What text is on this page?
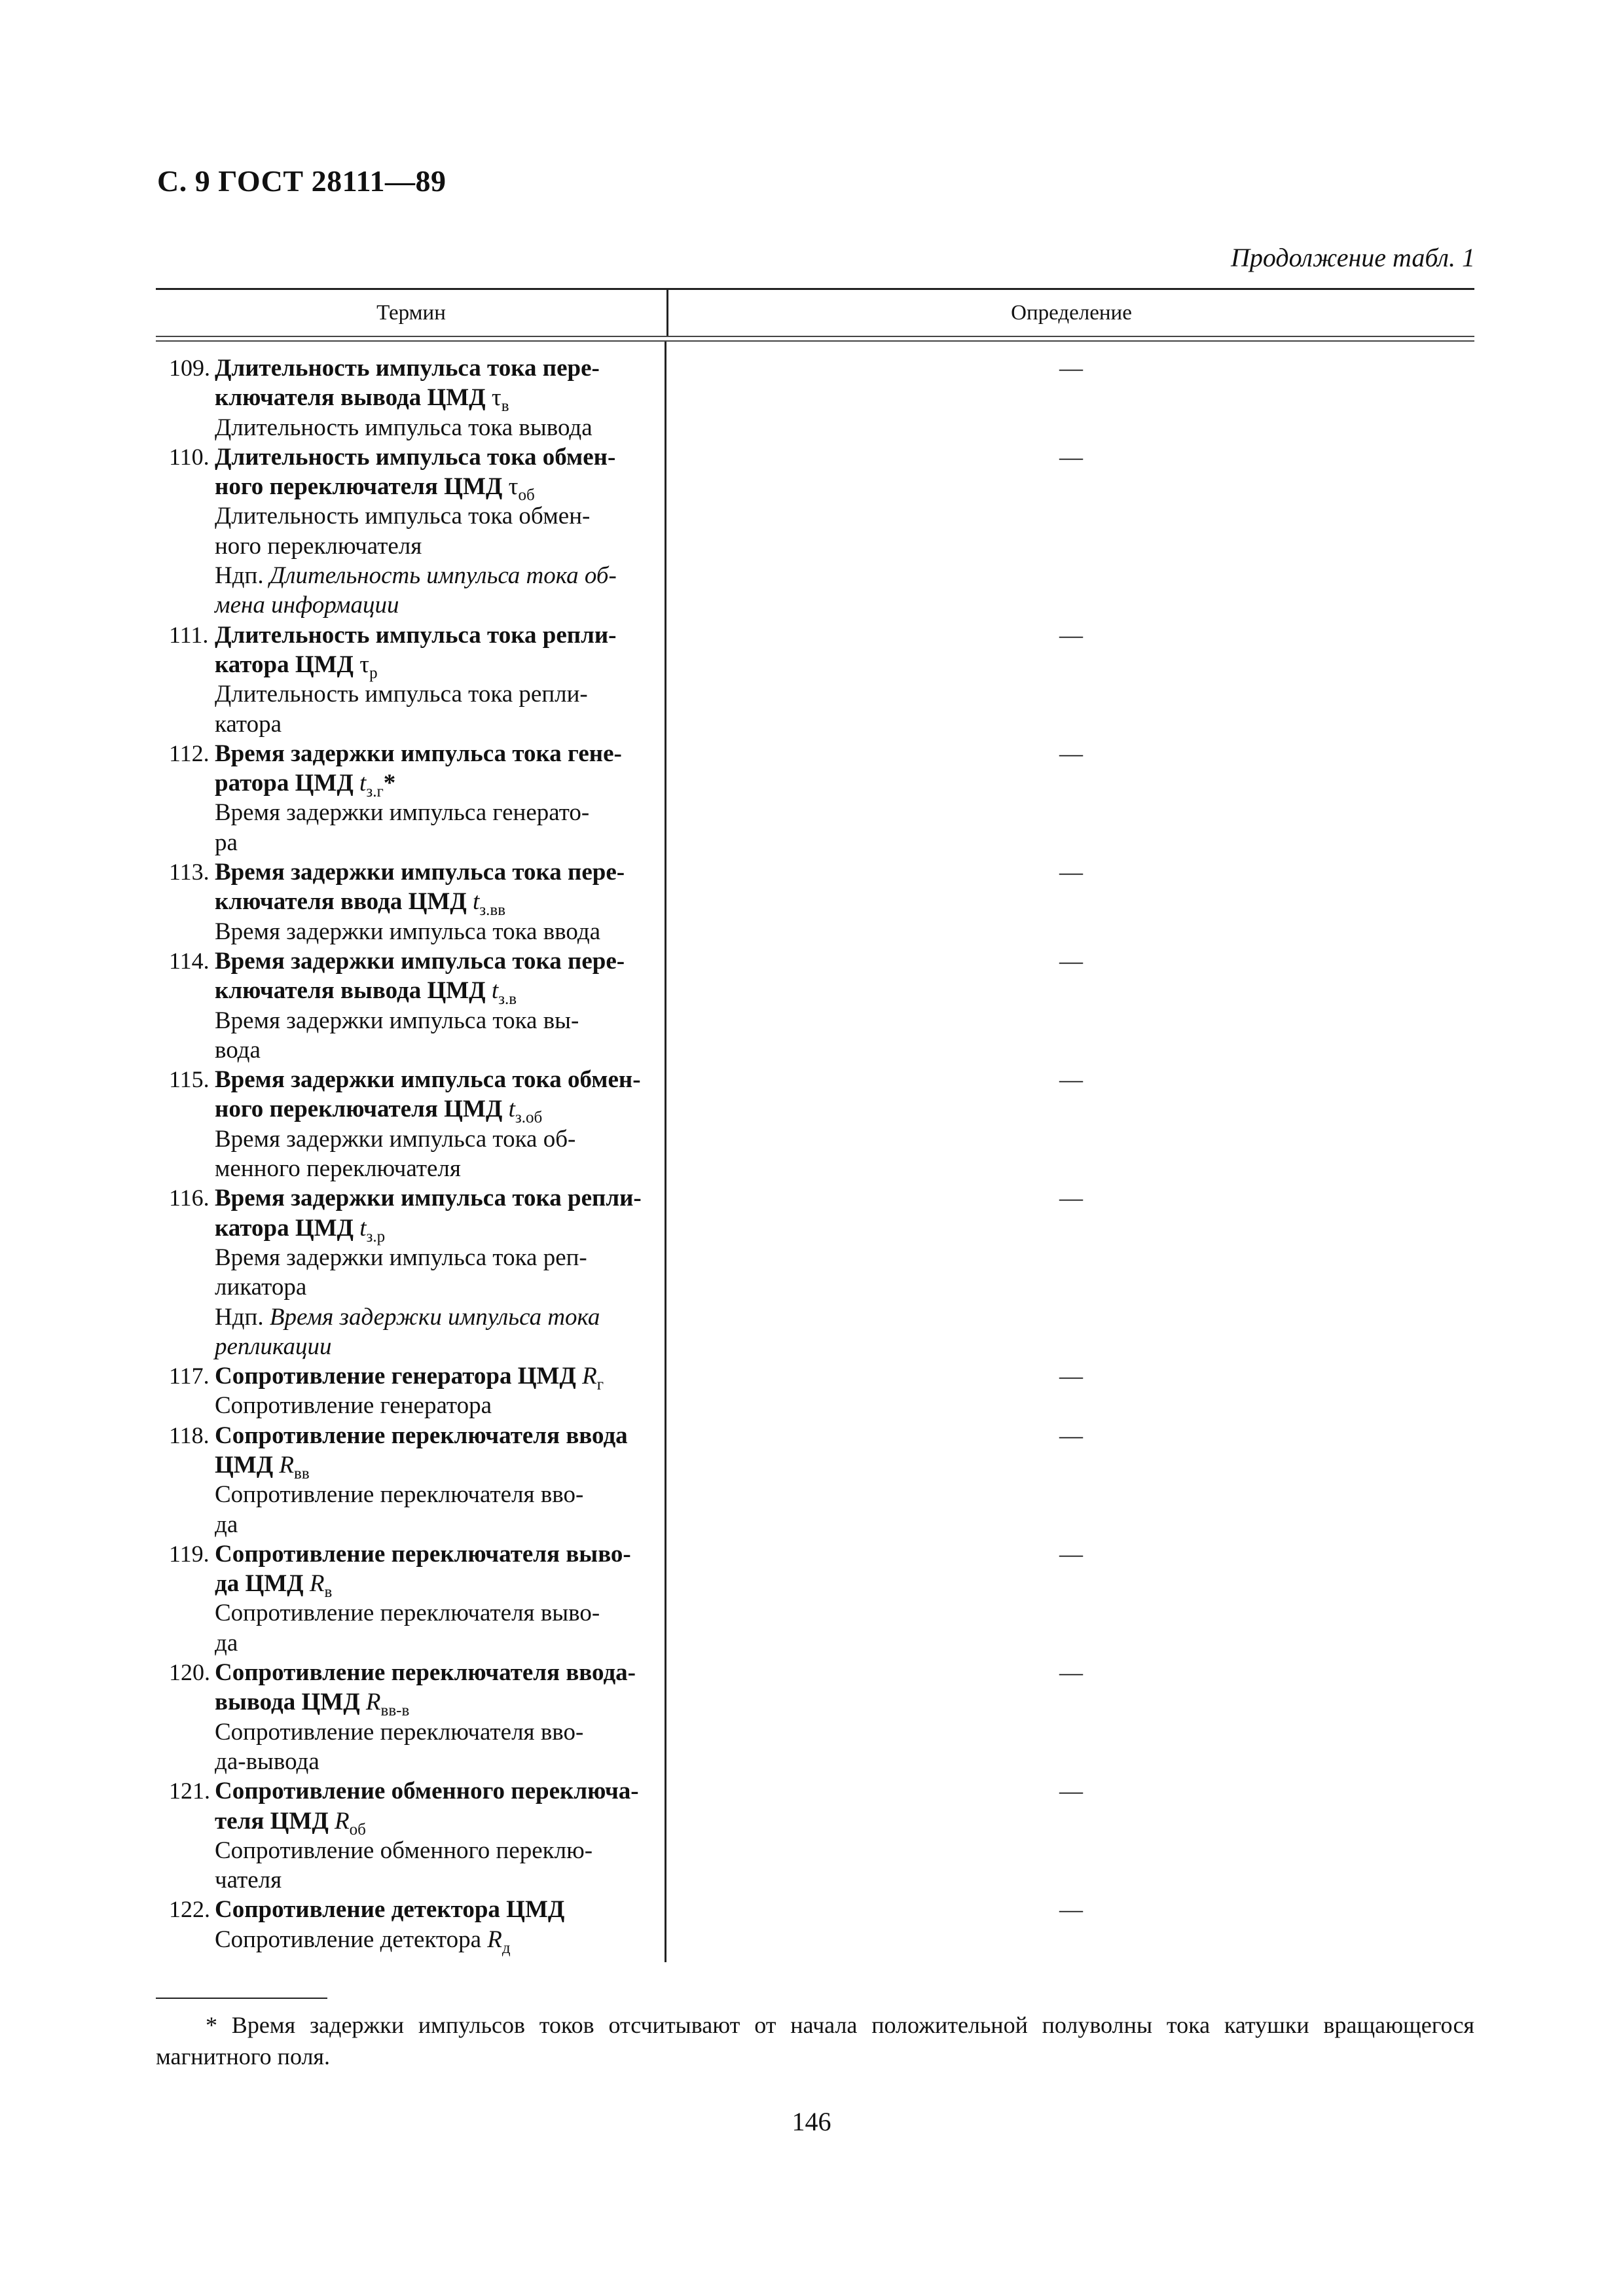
С. 9 ГОСТ 28111—89
Продолжение табл. 1
Термин	Определение
109. Длительность импульса тока пере-
ключателя вывода ЦМД $\tau_в$
Длительность импульса тока вывода
110. Длительность импульса тока обмен-
ного переключателя ЦМД $\tau_{об}$
Длительность импульса тока обмен-
ного переключателя
Ндп. Длительность импульса тока об-
мена информации
111. Длительность импульса тока репли-
катора ЦМД $\tau_р$
Длительность импульса тока репли-
катора
112. Время задержки импульса тока гене-
ратора ЦМД $t_{з.г}*$
Время задержки импульса генерато-
ра
113. Время задержки импульса тока пере-
ключателя ввода ЦМД $t_{з.вв}$
Время задержки импульса тока ввода
114. Время задержки импульса тока пере-
ключателя вывода ЦМД $t_{з.в}$
Время задержки импульса тока вы-
вода
115. Время задержки импульса тока обмен-
ного переключателя ЦМД $t_{з.об}$
Время задержки импульса тока об-
менного переключателя
116. Время задержки импульса тока репли-
катора ЦМД $t_{з.р}$
Время задержки импульса тока реп-
ликатора
Ндп. Время задержки импульса тока
репликации
117. Сопротивление генератора ЦМД $R_г$
Сопротивление генератора
118. Сопротивление переключателя ввода
ЦМД $R_{вв}$
Сопротивление переключателя вво-
да
119. Сопротивление переключателя выво-
да ЦМД $R_в$
Сопротивление переключателя выво-
да
120. Сопротивление переключателя ввода-
вывода ЦМД $R_{вв-в}$
Сопротивление переключателя вво-
да-вывода
121. Сопротивление обменного переключа-
теля ЦМД $R_{об}$
Сопротивление обменного переклю-
чателя
122. Сопротивление детектора ЦМД
Сопротивление детектора $R_д$
—
—
—
—
—
—
—
—
—
—
—
—
—
—
* Время задержки импульсов токов отсчитывают от начала положительной полуволны тока катушки вращающегося магнитного поля.
146
